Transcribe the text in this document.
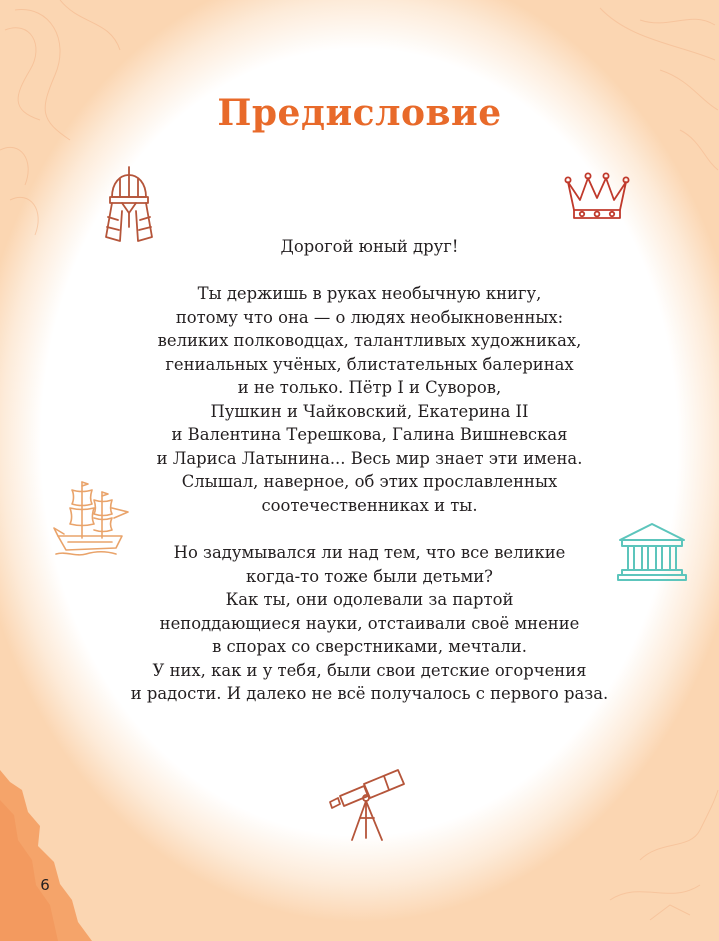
Предисловие

Дорогой юный друг!

Ты держишь в руках необычную книгу,
потому что она — о людях необыкновенных:
великих полководцах, талантливых художниках,
гениальных учёных, блистательных балеринах
и не только. Пётр I и Суворов,
Пушкин и Чайковский, Екатерина II
и Валентина Терешкова, Галина Вишневская
и Лариса Латынина... Весь мир знает эти имена.
Слышал, наверное, об этих прославленных
соотечественниках и ты.

Но задумывался ли над тем, что все великие
когда-то тоже были детьми?
Как ты, они одолевали за партой
неподдающиеся науки, отстаивали своё мнение
в спорах со сверстниками, мечтали.
У них, как и у тебя, были свои детские огорчения
и радости. И далеко не всё получалось с первого раза.

6
